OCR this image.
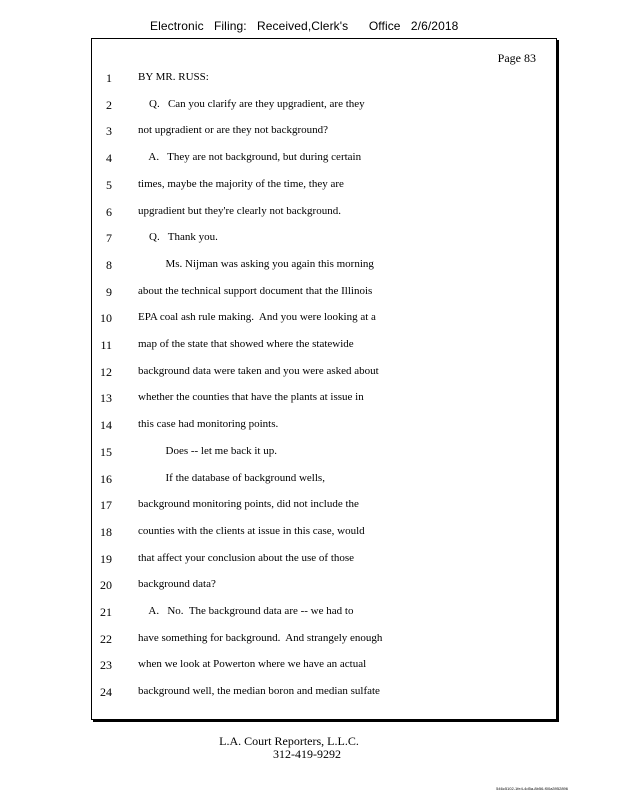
Electronic   Filing:   Received,Clerk's      Office   2/6/2018
Page 83
1 BY MR. RUSS:
2 Q.   Can you clarify are they upgradient, are they
3 not upgradient or are they not background?
4 A.   They are not background, but during certain
5 times, maybe the majority of the time, they are
6 upgradient but they're clearly not background.
7 Q.   Thank you.
8 Ms. Nijman was asking you again this morning
9 about the technical support document that the Illinois
10 EPA coal ash rule making.  And you were looking at a
11 map of the state that showed where the statewide
12 background data were taken and you were asked about
13 whether the counties that have the plants at issue in
14 this case had monitoring points.
15 Does -- let me back it up.
16 If the database of background wells,
17 background monitoring points, did not include the
18 counties with the clients at issue in this case, would
19 that affect your conclusion about the use of those
20 background data?
21 A.   No.  The background data are -- we had to
22 have something for background.  And strangely enough
23 when we look at Powerton where we have an actual
24 background well, the median boron and median sulfate
L.A. Court Reporters, L.L.C.
312-419-9292
546c5102-1fe4-4d5a-8b56-f00a3952896
